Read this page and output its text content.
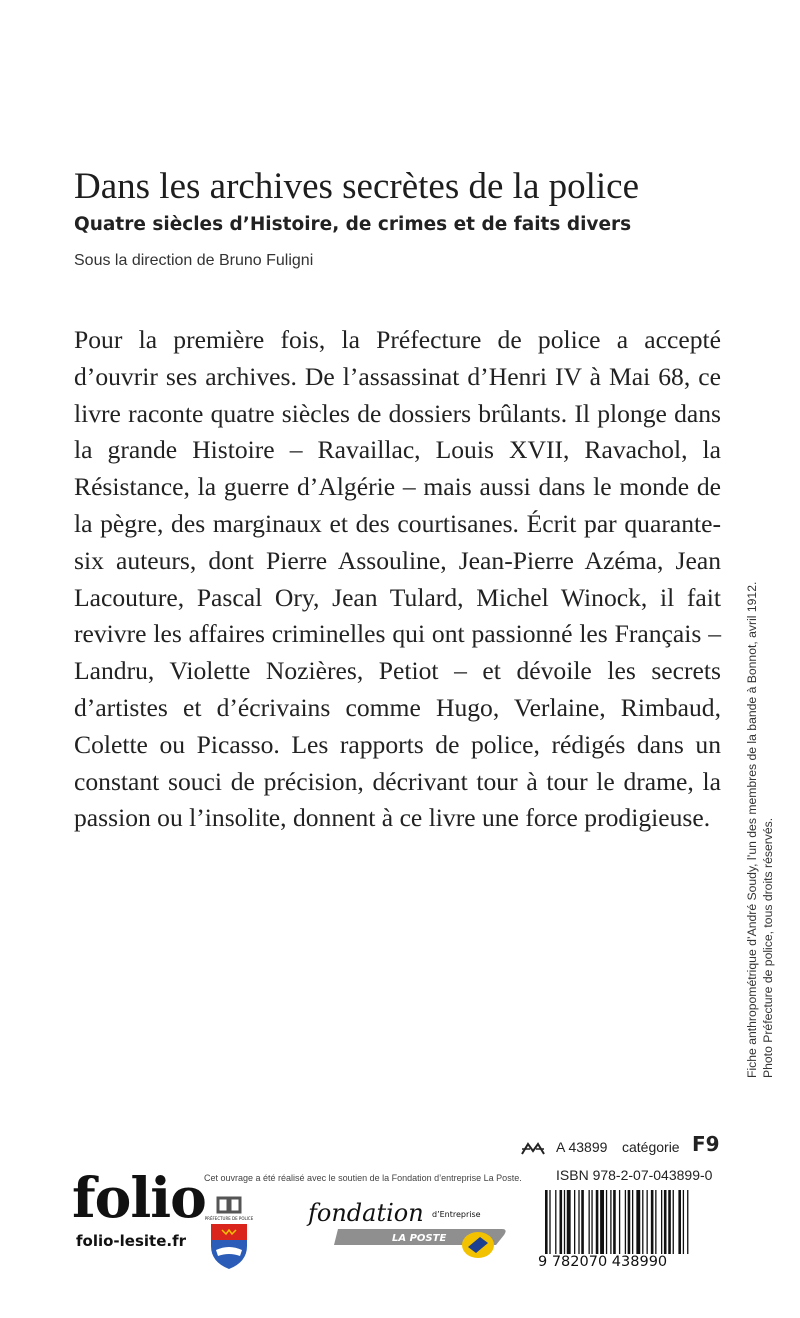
Dans les archives secrètes de la police
Quatre siècles d’Histoire, de crimes et de faits divers
Sous la direction de Bruno Fuligni

Pour la première fois, la Préfecture de police a accepté d’ouvrir ses archives. De l’assassinat d’Henri IV à Mai 68, ce livre raconte quatre siècles de dossiers brûlants. Il plonge dans la grande Histoire – Ravaillac, Louis XVII, Ravachol, la Résistance, la guerre d’Algérie – mais aussi dans le monde de la pègre, des marginaux et des courtisanes. Écrit par quarante-six auteurs, dont Pierre Assouline, Jean-Pierre Azéma, Jean Lacouture, Pascal Ory, Jean Tulard, Michel Winock, il fait revivre les affaires criminelles qui ont passionné les Français – Landru, Violette Nozières, Petiot – et dévoile les secrets d’artistes et d’écrivains comme Hugo, Verlaine, Rimbaud, Colette ou Picasso. Les rapports de police, rédigés dans un constant souci de précision, décrivant tour à tour le drame, la passion ou l’insolite, donnent à ce livre une force prodigieuse.	Fiche anthropométrique d’André Soudy, l’un des membres de la bande à Bonnot, avril 1912. Photo Préfecture de police, tous droits réservés.
A 43899 catégorie F9
ISBN 978-2-07-043899-0
9 782070 438990
folio
folio-lesite.fr
Cet ouvrage a été réalisé avec le soutien de la Fondation d’entreprise La Poste.
PRÉFECTURE DE POLICE fondation d’Entreprise
LA POSTE
